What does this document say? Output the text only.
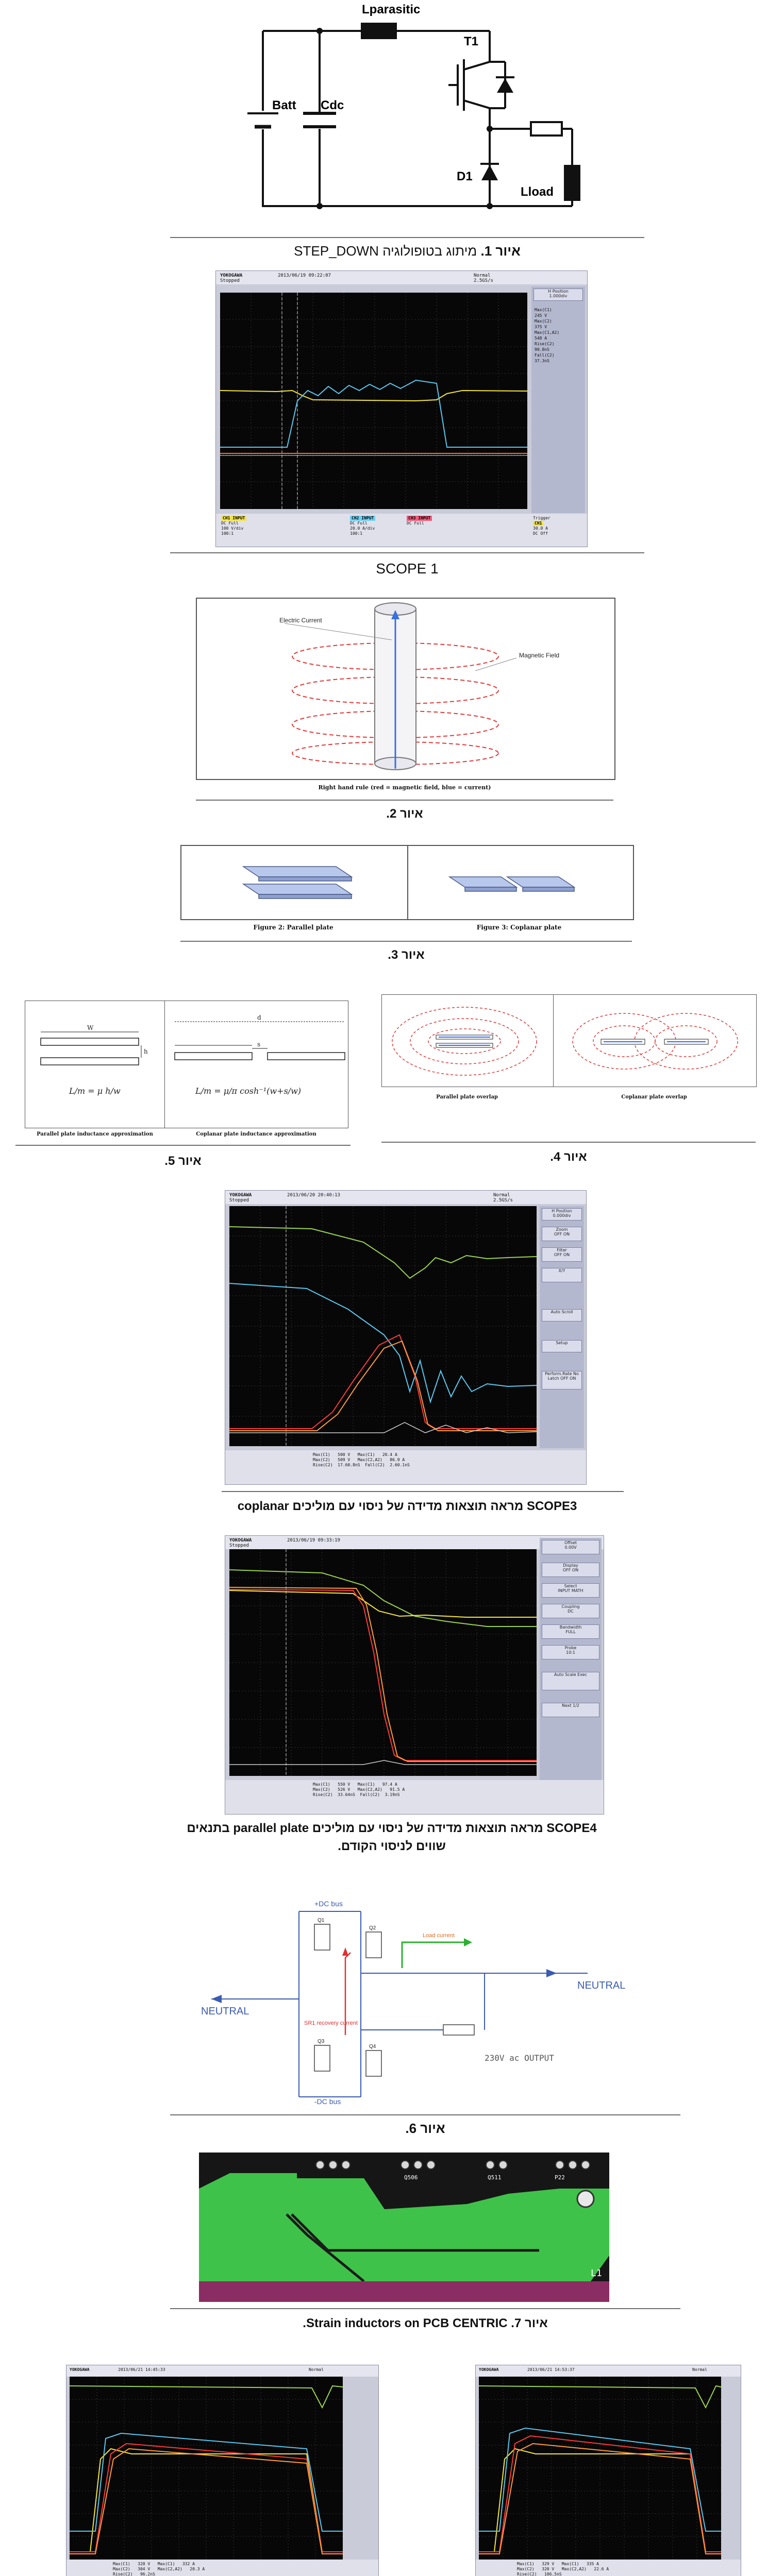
Lparasitic
Batt Cdc
T1
D1
Lload
איור 1. מיתוג בטופולוגיה STEP_DOWN
YOKOGAWA
Stopped
2013/06/19 09:22:07	Normal
2.5GS/s
H Position
1.000div
Max(C1)
245 V
Max(C2)
375 V
Max(C1,A2)
548 A
Rise(C2)
90.8nS
Fall(C2)
37.3nS
CH1 INPUT
DC Full
100 V/div
100:1
CH2 INPUT
DC Full
20.0 A/div
100:1
CH3 INPUT
DC Full
Trigger
CH1
30.0 A
DC Off
SCOPE 1
Electric Current
Magnetic Field
Right hand rule (red = magnetic field, blue = current)
איור 2.
Figure 2: Parallel plate	Figure 3: Coplanar plate
איור 3.
W
h
s
d
L/m = μ h/w	L/m = μ/π cosh⁻¹(w+s/w)
Parallel plate inductance approximation	Coplanar plate inductance approximation
איור 5.
Parallel plate overlap	Coplanar plate overlap
איור 4.
YOKOGAWA
Stopped
2013/06/20 20:40:13	Normal
2.5GS/s
H Position
0.000div
Zoom
OFF ON
Filter
OFF ON
X/Y
Auto Scroll
Setup
Perform.Rate No Latch OFF ON
Max(C1)   500 V   Max(C1)   20.4 A
Max(C2)   509 V   Max(C2,A2)   86.9 A
Rise(C2)  17.60.8nS  Fall(C2)  2.60.1nS
SCOPE3 מראה תוצאות מדידה של ניסוי עם מוליכים coplanar
YOKOGAWA
Stopped
2013/06/19 09:33:19	Offset
0.00V
Display
OFF ON
Select
INPUT MATH
Coupling
DC
Bandwidth
FULL
Probe
10:1
Auto Scale Exec
Next 1/2
Max(C1)   550 V   Max(C1)   97.4 A
Max(C2)   526 V   Max(C2,A2)   91.5 A
Rise(C2)  33.64nS  Fall(C2)  3.19nS
SCOPE4 מראה תוצאות מדידה של ניסוי עם מוליכים parallel plate בתנאים
שווים לניסוי הקודם.
+DC bus
-DC bus
NEUTRAL
NEUTRAL
Load current
SR1 recovery current
230V ac OUTPUT
Q1
Q2
Q3
Q4
איור 6.
Q506	Q511	P22
L1
איור 7. Strain inductors on PCB CENTRIC.
YOKOGAWA	2013/06/21 14:45:33	Normal
Max(C1)   320 V   Max(C1)   332 A
Max(C2)   304 V   Max(C2,A2)   20.3 A
Rise(C2)   96.2nS
YOKOGAWA	2013/06/21 14:53:37	Normal
Max(C1)   329 V   Max(C1)   335 A
Max(C2)   320 V   Max(C2,A2)   22.6 A
Rise(C2)   106.5nS
